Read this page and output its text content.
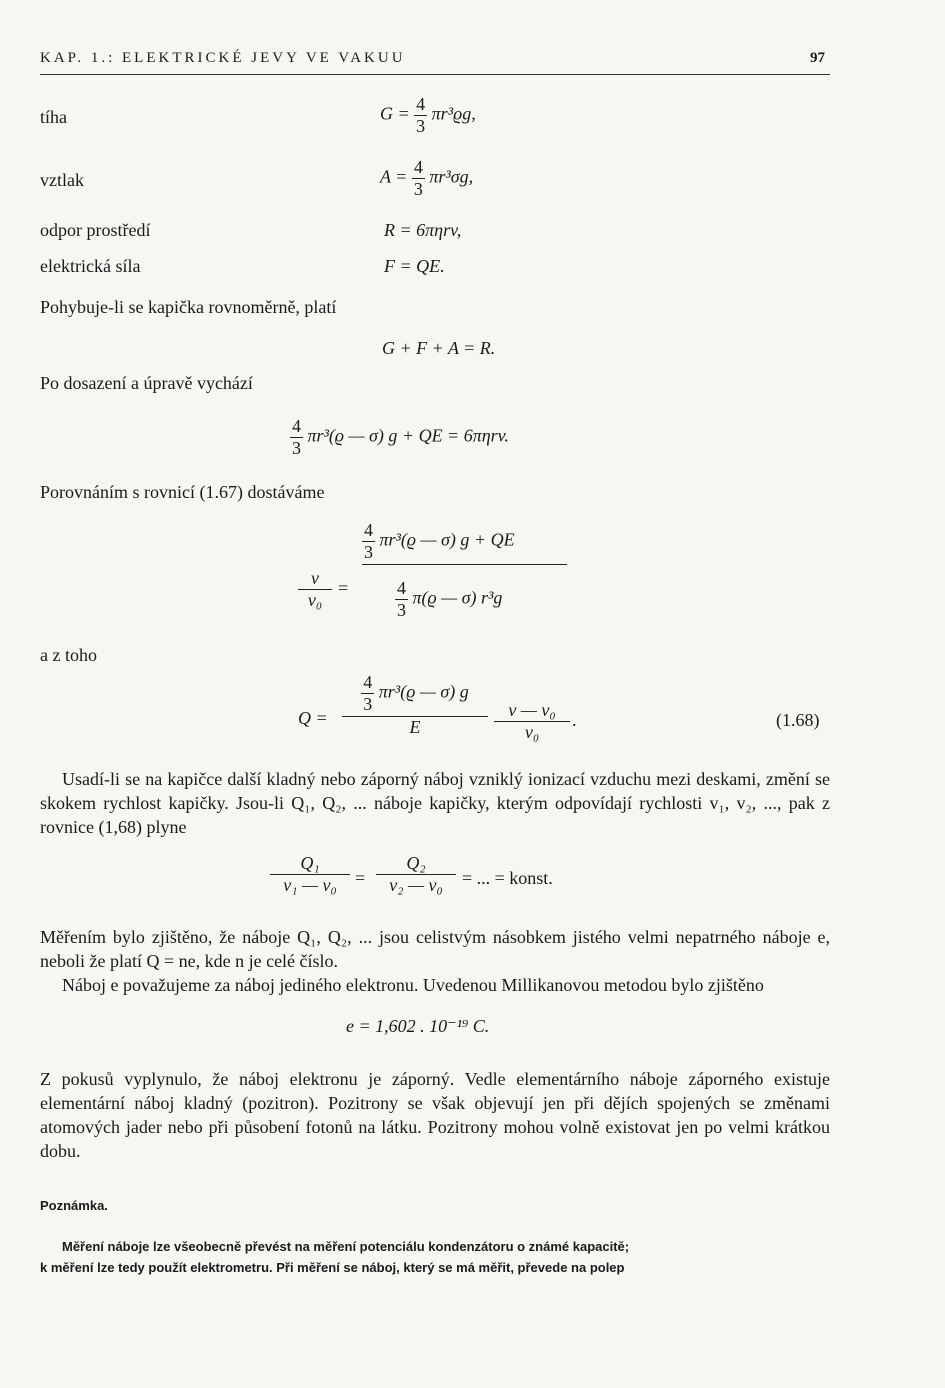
KAP. 1.: ELEKTRICKÉ JEVY VE VAKUU	97
tíha	$G = \frac{4}{3} \pi r^3ϱg$,
vztlak	$A = \frac{4}{3} \pi r^3\sigma g$,
odpor prostředí	R = 6πηrv,
elektrická síla	F = QE.
Pohybuje-li se kapička rovnoměrně, platí
G + F + A = R.
Po dosazení a úpravě vychází
$\frac{4}{3} \pi r^3(ϱ$ — σ) g + QE = 6πηrv.
Porovnáním s rovnicí (1.67) dostáváme
$\frac{v}{\text{v₀}}$ =
$\frac{4}{3} \pi r^3(ϱ$ — σ) g + QE
$\frac{4}{3} \pi(ϱ$ — σ) r³g
a z toho
$Q = \frac{\frac{4}{3} \pi r^3(ϱ — \sigma) g}{E} \frac{\text{v — v₀}}{\text{v₀}}$ .	(1.68)
Usadí-li se na kapičce další kladný nebo záporný náboj vzniklý ionizací vzduchu mezi deskami, změní se skokem rychlost kapičky. Jsou-li Q₁, Q₂, ... náboje kapičky, kterým odpovídají rychlosti v₁, v₂, ..., pak z rovnice (1,68) plyne
Q₁
v₁ — v₀	=
Q₂
v₂ — v₀	= ... = konst.
Měřením bylo zjištěno, že náboje Q₁, Q₂, ... jsou celistvým násobkem jistého velmi nepatrného náboje e, neboli že platí Q = ne, kde n je celé číslo.
Náboj e považujeme za náboj jediného elektronu. Uvedenou Millikanovou metodou bylo zjištěno
e = 1,602 . 10⁻¹⁹ C.
Z pokusů vyplynulo, že náboj elektronu je záporný. Vedle elementárního náboje záporného existuje elementární náboj kladný (pozitron). Pozitrony se však objevují jen při dějích spojených se změnami atomových jader nebo při působení fotonů na látku. Pozitrony mohou volně existovat jen po velmi krátkou dobu.
Poznámka.
Měření náboje lze všeobecně převést na měření potenciálu kondenzátoru o známé kapacitě;
k měření lze tedy použít elektrometru. Při měření se náboj, který se má měřit, převede na polep
